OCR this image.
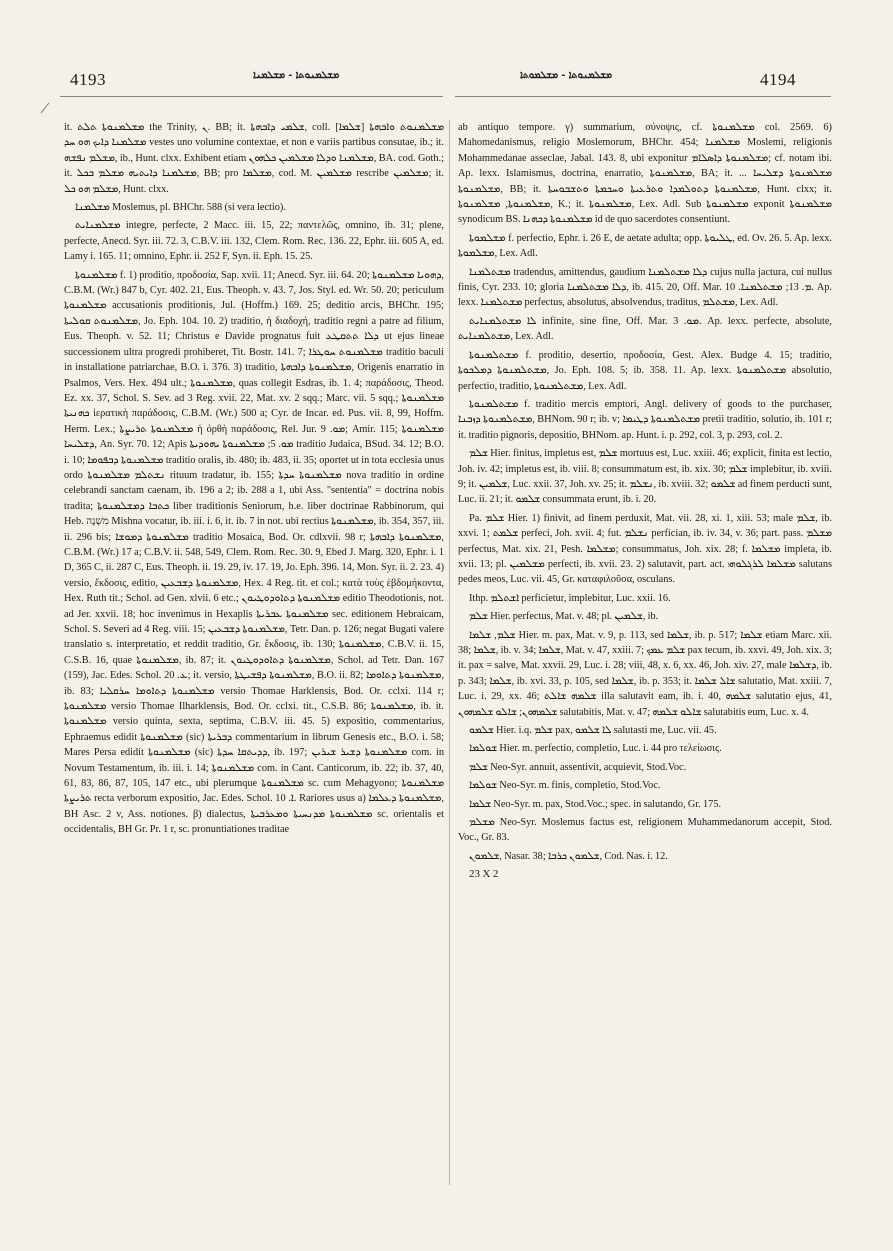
4193	ܡܫܠܡܢܘܬܐ - ܡܫܠܡܢܐ	ܡܫܠܡܢܘܬܐ - ܡܫܠܡܘܬܐ	4194

it. ܡܫܠܡܢܘܬܐ ܬܠܬ the Trinity, ܢ. BB; it. ܫܠܡܝ ܕܐܒܗܬܐ, coll. [ܫܠܡܐ] ܡܫܠܡܢܘܬ ܘܐܒܗܬܐ ܡܫܠܡܢܐ ܕܐܝܟ ܗܘ ܚܕ vestes uno volumine contextae, et non e variis partibus consutae, ib.; it. ܡܫܠܡ ܢܦܫܗ, ib., Hunt. clxx. Exhibent etiam ܡܫܠܡܢܐ ܘܕܠܐ ܡܫܠܡܝܢ ܟܠܗܘܢ, BA. cod. Goth.; it. ܡܫܠܡܢܐ ܕܐܝܬܝܗ ܡܫܠܡ ܒܟܠ, BB; pro ܡܫܠܡܐ, cod. M. ܡܫܠܡܝܢ rescribe ܡܫܠܡܝܢ; it. ܡܫܠܡ ܗܘ ܟܠ, Hunt. clxx.

ܡܫܠܡܢܐ Moslemus, pl. BHChr. 588 (si vera lectio).

ܡܫܠܡܢܐܝܬ integre, perfecte, 2 Macc. iii. 15, 22; παντελῶς, omnino, ib. 31; plene, perfecte, Anecd. Syr. iii. 72. 3, C.B.V. iii. 132, Clem. Rom. Rec. 136. 22, Ephr. iii. 605 A, ed. Lamy i. 165. 11; omnino, Ephr. ii. 252 F, Syn. ii. Eph. 15. 25.

ܡܫܠܡܢܘܬܐ f. 1) proditio, προδοσία, Sap. xvii. 11; Anecd. Syr. iii. 64. 20; ܕܗܘܝܐ ܡܫܠܡܢܘܬܐ, C.B.M. (Wr.) 847 b, Cyr. 402. 21, Eus. Theoph. v. 43. 7, Jos. Styl. ed. Wr. 50. 20; periculum ܡܫܠܡܢܘܬܐ accusationis proditionis, Jul. (Hoffm.) 169. 25; deditio arcis, BHChr. 195; ܡܫܠܡܢܘܬ ܩܘܠܝܬܐ, Jo. Eph. 104. 10. 2) traditio, ἡ διαδοχή, traditio regni a patre ad filium, Eus. Theoph. v. 52. 11; Christus e Davide prognatus fuit ܕܠܐ ܬܬܩܛܥ ut ejus lineae successionem ultra progredi prohiberet, Tit. Bostr. 141. 7; ܡܫܠܡܢܘܬ ܚܘܛܪܐ traditio baculi in installatione patriarchae, B.O. i. 376. 3) traditio, ܡܫܠܡܢܘܬܐ ܕܐܒܗܬܐ, Origenis enarratio in Psalmos, Vers. Hex. 494 ult.; ܡܫܠܡܢܘܬܐ, quas collegit Esdras, ib. 1. 4; παράδοσις, Theod. Ez. xx. 37, Schol. S. Sev. ad 3 Reg. xvii. 22, Mat. xv. 2 sqq.; Marc. vii. 5 sqq.; ܡܫܠܡܢܘܬܐ ܟܗܢܝܬܐ ἱερατικὴ παράδοσις, C.B.M. (Wr.) 500 a; Cyr. de Incar. ed. Pus. vii. 8, 99, Hoffm. Herm. Lex.; ܡܫܠܡܢܘܬܐ ܬܪܝܨܬܐ ἡ ὀρθὴ παράδοσις, Rel. Jur. ܡܘ. 9; Amir. 115; ܡܫܠܡܢܘܬܐ ܕܫܠܝܚܐ, An. Syr. 70. 12; Apis ܡܘ. 5; ܡܫܠܡܢܘܬܐ ܝܗܘܕܝܬܐ traditio Judaica, BSud. 34. 12; B.O. i. 10; ܡܫܠܡܢܘܬܐ ܕܒܦܘܡܐ traditio oralis, ib. 480; ib. 483, ii. 35; oportet ut in tota ecclesia unus ordo ܢܫܬܠܡ ܡܫܠܡܢܘܬܐ rituum tradatur, ib. 155; ܡܫܠܡܢܘܬܐ ܚܕܬܐ nova traditio in ordine celebrandi sanctam caenam, ib. 196 a 2; ib. 288 a 1, ubi Ass. "sententia" = doctrina nobis tradita; ܟܬܒܐ ܕܡܫܠܡܢܘܬܐ liber traditionis Seniorum, h.e. liber doctrinae Rabbinorum, qui Heb. מִשְׁנָה Mishna vocatur, ib. iii. i. 6, it. ib. 7 in not. ubi rectius ܡܫܠܡܢܘܬܐ, ib. 354, 357, iii. ii. 296 bis; ܡܫܠܡܢܘܬܐ ܕܡܘܫܐ traditio Mosaica, Bod. Or. cdlxvii. 98 r; ܡܫܠܡܢܘܬܐ ܕܐܒܗܬܐ, C.B.M. (Wr.) 17 a; C.B.V. ii. 548, 549, Clem. Rom. Rec. 30. 9, Ebed J. Marg. 320, Ephr. i. 1 D, 365 C, ii. 287 C, Eus. Theoph. ii. 19. 29, iv. 17. 19, Jo. Eph. 396. 14, Mon. Syr. ii. 2. 23. 4) versio, ἔκδοσις, editio, ܡܫܠܡܢܘܬܐ ܕܫܒܥܝܢ, Hex. 4 Reg. tit. et col.; κατὰ τοὺς ἑβδομήκοντα, Hex. Ruth tit.; Schol. ad Gen. xlvii. 6 etc.; ܡܫܠܡܢܘܬܐ ܕܬܐܘܕܘܛܝܘܢ editio Theodotionis, not. ad Jer. xxvii. 18; hoc invenimus in Hexaplis ܡܫܠܡܢܘܬܐ ܥܒܪܝܬܐ sec. editionem Hebraicam, Schol. S. Severi ad 4 Reg. viii. 15; ܡܫܠܡܢܘܬܐ ܕܫܒܥܝܢ, Tetr. Dan. p. 126; negat Bugati valere translatio s. interpretatio, et reddit traditio, Gr. ἔκδοσις, ib. 130; ܡܫܠܡܢܘܬܐ, C.B.V. ii. 15, C.S.B. 16, quae ܡܫܠܡܢܘܬܐ, ib. 87; it. ܡܫܠܡܢܘܬܐ ܕܬܐܘܕܘܛܝܘܢ, Schol. ad Tetr. Dan. 167 (159), Jac. Edes. Schol. ܥ. 20; it. versio, ܡܫܠܡܢܘܬܐ ܕܦܫܝܛܬܐ, B.O. ii. 82; ܡܫܠܡܢܘܬܐ ܕܬܐܘܡܐ, ib. 83; ܡܫܠܡܢܘܬܐ ܕܬܐܘܡܐ ܚܪܩܠܝܐ versio Thomae Harklensis, Bod. Or. cclxi. 114 r; ܡܫܠܡܢܘܬܐ versio Thomae Ilharklensis, Bod. Or. cclxi. tit., C.S.B. 86; ܡܫܠܡܢܘܬܐ, ib. it. ܡܫܠܡܢܘܬܐ versio quinta, sexta, septima, C.B.V. iii. 45. 5) expositio, commentarius, Ephraemus edidit ܡܫܠܡܢܘܬܐ (sic) ܕܒܪܝܬܐ commentarium in librum Genesis etc., B.O. i. 58; Mares Persa edidit ܡܫܠܡܢܘܬܐ (sic) ܕܕܝܬܩܐ ܚܕܬܐ, ib. 197; ܡܫܠܡܢܘܬܐ ܕܫܝܪ ܫܝܪܝܢ com. in Novum Testamentum, ib. iii. i. 14; ܡܫܠܡܢܘܬܐ com. in Cant. Canticorum, ib. 22; ib. 37, 40, 61, 83, 86, 87, 105, 147 etc., ubi plerumque ܡܫܠܡܢܘܬܐ sc. cum Mehagyono; ܡܫܠܡܢܘܬܐ ܬܪܝܨܬܐ recta verborum expositio, Jac. Edes. Schol. ܐ. 10. Rariores usus a) ܡܫܠܡܢܘܬܐ ܕܥܠܡܐ, BH Asc. 2 v, Ass. notiones. β) dialectus, ܡܫܠܡܢܘܬܐ ܡܕܢܚܝܬܐ ܘܡܥܪܒܝܬܐ sc. orientalis et occidentalis, BH Gr. Pr. 1 r, sc. pronuntiationes traditae

ab antiquo tempore. γ) summarium, σύνοψις, cf. ܡܫܠܡܢܘܬܐ col. 2569. 6) Mahomedanismus, religio Moslemorum, BHChr. 454; ܡܫܠܡܢܐ Moslemi, religionis Mohammedanae asseclae, Jabal. 143. 8, ubi exponitur ܡܫܠܡܢܘܬܐ ܕܐܣܠܐܡ; cf. notam ibi. Ap. lexx. Islamismus, doctrina, enarratio, ܡܫܠܡܢܘܬܐ, BA; it. ܡܫܠܡܢܘܬܐ ܕܫܠܝܚܐ ... ܡܫܠܡܢܘܬܐ, BB; it. ܡܫܠܡܢܘܬܐ ܕܬܘܠܡܕܐ ܘܬܪܥܝܬܐ ܘܚܟܡܬܐ ܘܬܫܒܘܚܬܐ, Hunt. clxx; it. ܡܫܠܡܢܘܬܐ, ܡܫܠܡܢܘܬܐ, K.; it. ܡܫܠܡܢܘܬܐ, Lex. Adl. Sub ܡܫܠܡܢܘܬܐ exponit ܡܫܠܡܢܘܬܐ synodicum BS. ܡܫܠܡܢܘܬܐ ܕܟܗܢܐ id de quo sacerdotes consentiunt.

ܡܫܠܡܘܬܐ f. perfectio, Ephr. i. 26 E, de aetate adulta; opp. ܛܠܝܘܬܐ, ed. Ov. 26. 5. Ap. lexx. ܡܫܠܡܘܬܐ, Lex. Adl.

ܡܫܬܠܡܢܐ tradendus, amittendus, gaudium ܕܠܐ ܡܫܬܠܡܢܐ cujus nulla jactura, cui nullus finis, Cyr. 233. 10; gloria ܕܠܐ ܡܫܬܠܡܢܐ, ib. 415. 20, Off. Mar. ܡ. 13; ܡܫܬܠܡܢܐ. 10. Ap. lexx. ܡܫܬܠܡܢܐ perfectus, absolutus, absolvendus, traditus, ܡܫܬܠܡ, Lex. Adl.

ܠܐ ܡܫܬܠܡܢܐܝܬ infinite, sine fine, Off. Mar. ܡܘ. 3. Ap. lexx. perfecte, absolute, ܡܫܬܠܡܢܐܝܬ, Lex. Adl.

ܡܫܬܠܡܢܘܬܐ f. proditio, desertio, προδοσία, Gest. Alex. Budge 4. 15; traditio, ܡܫܬܠܡܢܘܬܐ ܕܡܠܟܘܬܐ, Jo. Eph. 108. 5; ib. 358. 11. Ap. lexx. ܡܫܬܠܡܢܘܬܐ absolutio, perfectio, traditio, ܡܫܬܠܡܢܘܬܐ, Lex. Adl.

ܡܫܬܠܡܢܘܬܐ f. traditio mercis emptori, Angl. delivery of goods to the purchaser, ܡܫܬܠܡܢܘܬܐ ܕܙܒܢܐ, BHNom. 90 r; ib. v; ܡܫܬܠܡܢܘܬܐ ܕܛܝܡܐ pretii traditio, solutio, ib. 101 r; it. traditio pignoris, depositio, BHNom. ap. Hunt. i. p. 292, col. 3, p. 293, col. 2.

ܫܠܡ Hier. finitus, impletus est, ܫܠܡ mortuus est, Luc. xxiii. 46; explicit, finita est lectio, Joh. iv. 42; impletus est, ib. viii. 8; consummatum est, ib. xix. 30; ܫܠܡ implebitur, ib. xviii. 9; it. ܫܠܡܝܢ, Luc. xxii. 37, Joh. xv. 25; it. ܢܫܠܡ, ib. xviii. 32; ܫܠܡܘ ad finem perducti sunt, Luc. ii. 21; it. ܫܠܡܘ consummata erunt, ib. i. 20.

Pa. ܫܠܡ Hier. 1) finivit, ad finem perduxit, Mat. vii. 28, xi. 1, xiii. 53; male ܫܠܡ, ib. xxvi. 1; ܫܠܡܬ perfeci, Joh. xvii. 4; fut. ܢܫܠܡ perfician, ib. iv. 34, v. 36; part. pass. ܡܫܠܡ perfectus, Mat. xix. 21, Pesh. ܡܫܠܡܐ; consummatus, Joh. xix. 28; f. ܡܫܠܡܐ impleta, ib. xvii. 13; pl. ܡܫܠܡܝܢ perfecti, ib. xvii. 23. 2) salutavit, part. act. ܡܫܠܡܐ ܠܪܓܠܘܗܝ salutans pedes meos, Luc. vii. 45, Gr. καταφιλοῦσα, osculans.

Ithp. ܐܫܬܠܡ perficietur, implebitur, Luc. xxii. 16.

ܫܠܡ Hier. perfectus, Mat. v. 48; pl. ܫܠܡܝܢ, ib.

ܫܠܡ, ܫܠܡܐ Hier. m. pax, Mat. v. 9, p. 113, sed ܫܠܡܐ, ib. p. 517; ܫܠܡܐ etiam Marc. xii. 38; ܫܠܡܐ, ib. v. 34; ܫܠܡܐ, Mat. v. 47, xxiii. 7; ܫܠܡ ܥܡܟ pax tecum, ib. xxvi. 49, Joh. xix. 3; it. pax = salve, Mat. xxvii. 29, Luc. i. 28; viii, 48, x. 6, xx. 46, Joh. xiv. 27, male ܕܫܠܡܐ, ib. p. 343; ܫܠܡܐ, ib. xvi. 33, p. 105, sed ܫܠܡܐ, ib. p. 353; it. ܫܐܠ ܫܠܡܐ salutatio, Mat. xxiii. 7, Luc. i. 29, xx. 46; ܫܠܡܗ ܫܐܠܬ illa salutavit eam, ib. i. 40, ܫܠܡܗ salutatio ejus, 41, ܫܠܡܗܘܢ; ܫܐܠܘ ܫܠܡܗܘܢ salutabitis, Mat. v. 47; ܫܐܠܘ ܫܠܡܗ salutabitis eum, Luc. x. 4.

ܫܠܡܘ Hier. i.q. ܫܠܡ pax, ܠܐ ܫܠܡܘ salutasti me, Luc. vii. 45.

ܫܘܠܡܐ Hier. m. perfectio, completio, Luc. i. 44 pro τελείωσις.

ܫܠܡ Neo-Syr. annuit, assentivit, acquievit, Stod.Voc.

ܫܘܠܡܐ Neo-Syr. m. finis, completio, Stod.Voc.

ܫܠܡܐ Neo-Syr. m. pax, Stod.Voc.; spec. in salutando, Gr. 175.

ܡܫܠܡ Neo-Syr. Moslemus factus est, religionem Muhammedanorum accepit, Stod. Voc., Gr. 83.

ܫܠܡܘܢ, Nasar. 38; ܫܠܡܘܢ ܟܪܒܐ, Cod. Nas. i. 12.

23 X 2
